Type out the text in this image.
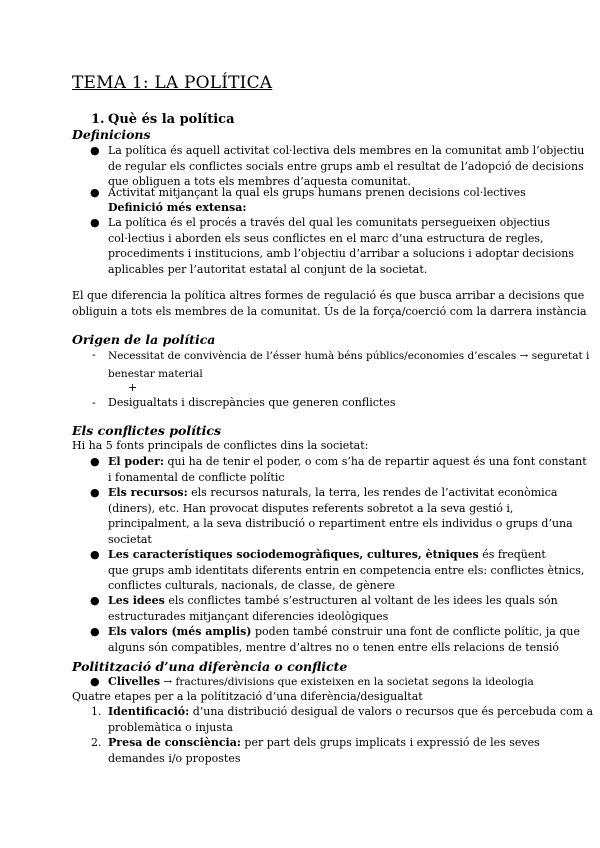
TEMA 1: LA POLÍTICA
1. Què és la política
Definicions
● La política és aquell activitat col·lectiva dels membres en la comunitat amb l’objectiu
de regular els conflictes socials entre grups amb el resultat de l’adopció de decisions
que obliguen a tots els membres d’aquesta comunitat.
● Activitat mitjançant la qual els grups humans prenen decisions col·lectives
Definició més extensa:
● La política és el procés a través del qual les comunitats persegueixen objectius
col·lectius i aborden els seus conflictes en el marc d’una estructura de regles,
procediments i institucions, amb l’objectiu d’arribar a solucions i adoptar decisions
aplicables per l’autoritat estatal al conjunt de la societat.
El que diferencia la política altres formes de regulació és que busca arribar a decisions que
obliguin a tots els membres de la comunitat. Ús de la força/coerció com la darrera instància
Origen de la política
- Necessitat de convivència de l’ésser humà béns públics/economies d’escales → seguretat i
benestar material
+
- Desigualtats i discrepàncies que generen conflictes
Els conflictes polítics
Hi ha 5 fonts principals de conflictes dins la societat:
● El poder: qui ha de tenir el poder, o com s’ha de repartir aquest és una font constant
i fonamental de conflicte polític
● Els recursos: els recursos naturals, la terra, les rendes de l’activitat econòmica
(diners), etc. Han provocat disputes referents sobretot a la seva gestió i,
principalment, a la seva distribució o repartiment entre els individus o grups d’una
societat
● Les característiques sociodemogràfiques, cultures, ètniques és freqüent
que grups amb identitats diferents entrin en competencia entre els: conflictes ètnics,
conflictes culturals, nacionals, de classe, de gènere
● Les idees els conflictes també s’estructuren al voltant de les idees les quals són
estructurades mitjançant diferencies ideològiques
● Els valors (més amplis) poden també construir una font de conflicte polític, ja que
alguns són compatibles, mentre d’altres no o tenen entre ells relacions de tensió
Politització d’una diferència o conflicte
● Clivelles → fractures/divisions que existeixen en la societat segons la ideologia
Quatre etapes per a la polítització d’una diferència/desigualtat
1. Identificació: d’una distribució desigual de valors o recursos que és percebuda com a
problemàtica o injusta
2. Presa de consciència: per part dels grups implicats i expressió de les seves
demandes i/o propostes
